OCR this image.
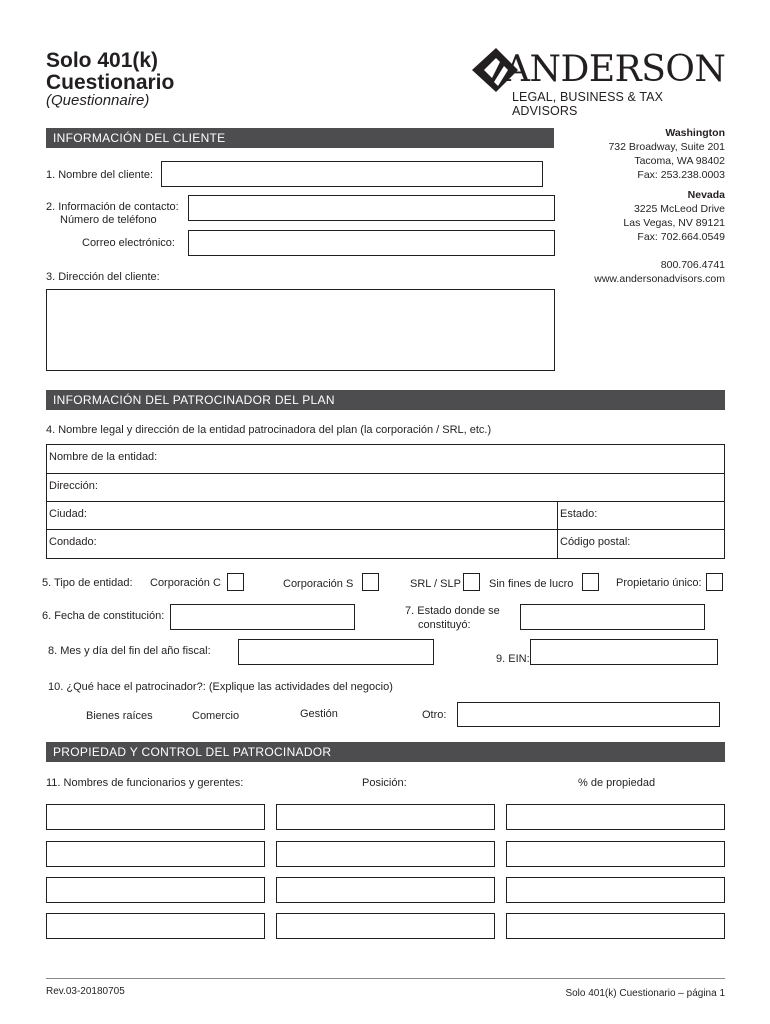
Solo 401(k)
Cuestionario
(Questionnaire)
ANDERSON
LEGAL, BUSINESS & TAX ADVISORS
INFORMACIÓN DEL CLIENTE
1. Nombre del cliente:
2. Información de contacto:
Número de teléfono
Correo electrónico:
3. Dirección del cliente:
Washington
732 Broadway, Suite 201
Tacoma, WA 98402
Fax: 253.238.0003
Nevada
3225 McLeod Drive
Las Vegas, NV 89121
Fax: 702.664.0549
800.706.4741
www.andersonadvisors.com
INFORMACIÓN DEL PATROCINADOR DEL PLAN
4. Nombre legal y dirección de la entidad patrocinadora del plan (la corporación / SRL, etc.)
Nombre de la entidad:
Dirección:
Ciudad:	Estado:
Condado:	Código postal:
5. Tipo de entidad: Corporación C	Corporación S	SRL / SLP	Sin fines de lucro	Propietario único:
6. Fecha de constitución:	7. Estado donde se
constituyó:
8. Mes y día del fin del año fiscal:
9. EIN:
10. ¿Qué hace el patrocinador?: (Explique las actividades del negocio)
Bienes raíces	Comercio	Gestión	Otro:
PROPIEDAD Y CONTROL DEL PATROCINADOR
11. Nombres de funcionarios y gerentes:	Posición:	% de propiedad
Rev.03-20180705	Solo 401(k) Cuestionario – página 1
